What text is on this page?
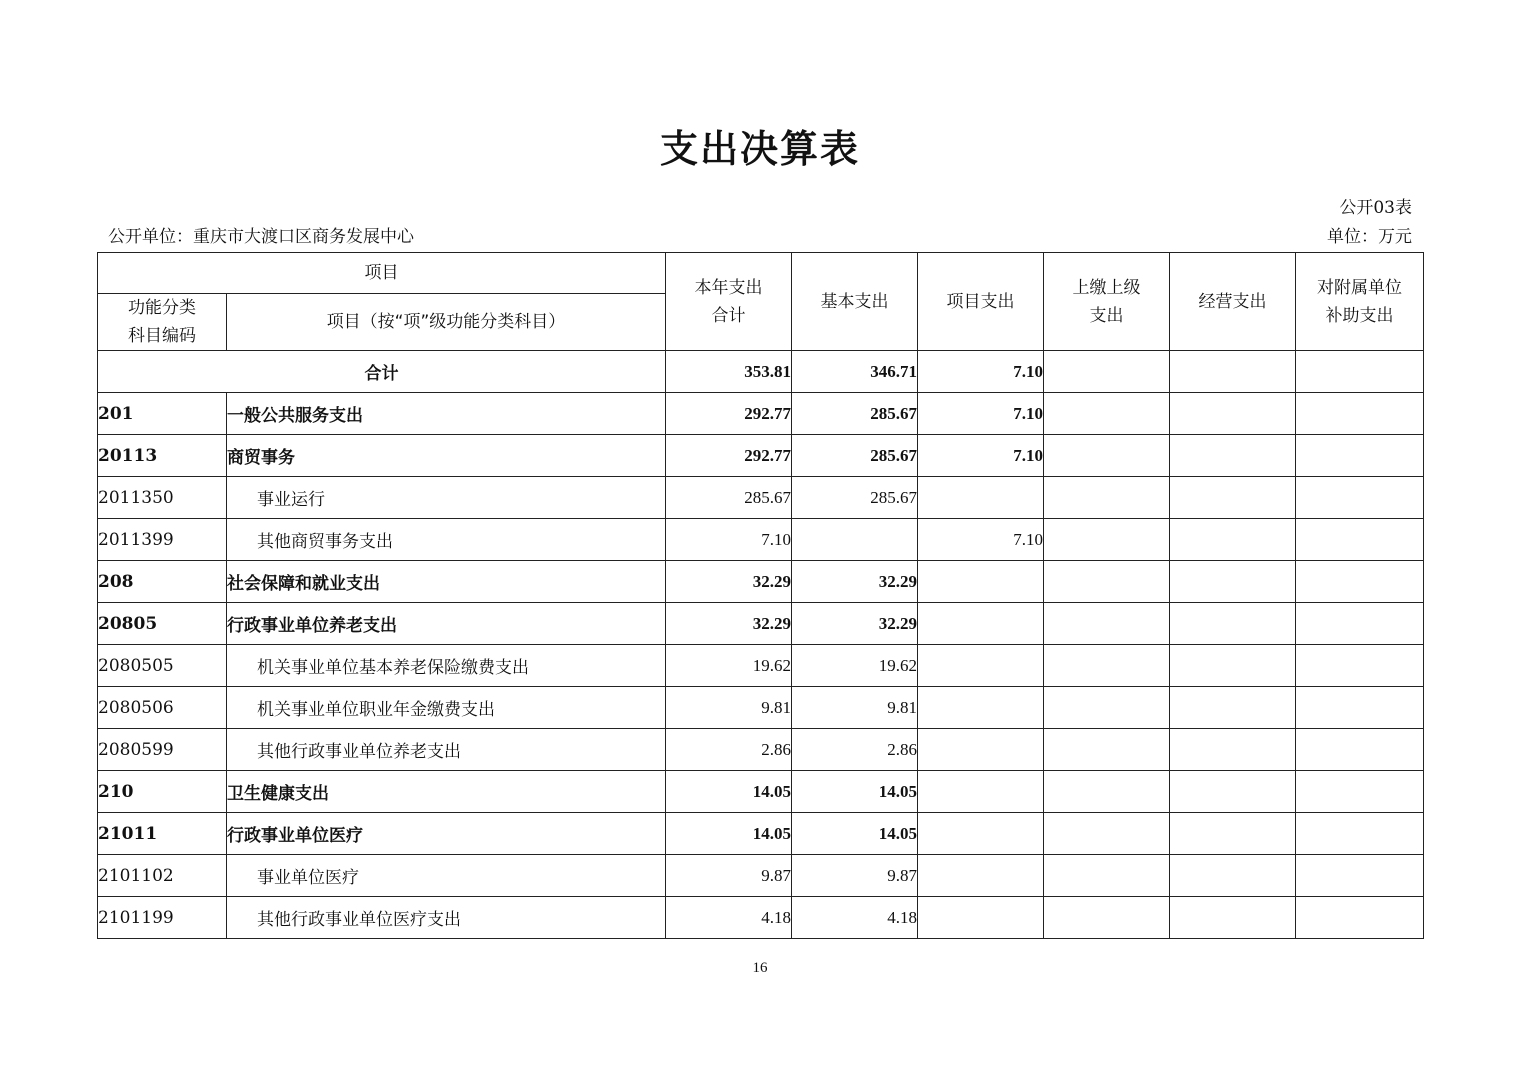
支出决算表
公开03表
公开单位：重庆市大渡口区商务发展中心	单位：万元
项目		本年支出合计	基本支出	项目支出	上缴上级支出	经营支出	对附属单位补助支出

功能分类科目编码	项目（按“项”级功能分类科目）						

合计		353.81	346.71	7.10			
201	一般公共服务支出	292.77	285.67	7.10			
20113	商贸事务	292.77	285.67	7.10			
2011350	事业运行	285.67	285.67				
2011399	其他商贸事务支出	7.10		7.10			
208	社会保障和就业支出	32.29	32.29				
20805	行政事业单位养老支出	32.29	32.29				
2080505	机关事业单位基本养老保险缴费支出	19.62	19.62				
2080506	机关事业单位职业年金缴费支出	9.81	9.81				
2080599	其他行政事业单位养老支出	2.86	2.86				
210	卫生健康支出	14.05	14.05				
21011	行政事业单位医疗	14.05	14.05				
2101102	事业单位医疗	9.87	9.87				
2101199	其他行政事业单位医疗支出	4.18	4.18				
16
